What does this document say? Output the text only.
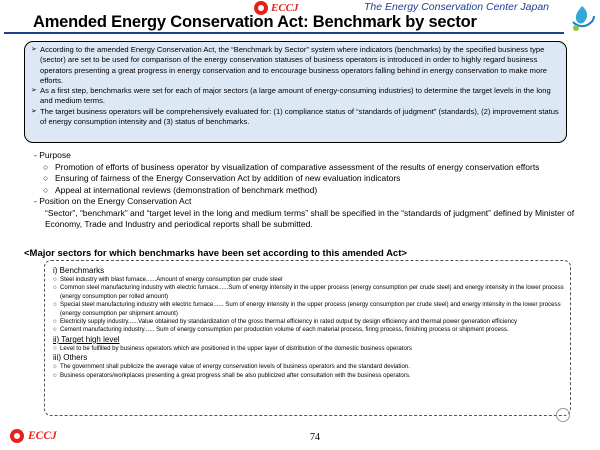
ECCJ	The Energy Conservation Center Japan
Amended Energy Conservation Act: Benchmark by sector
➢ According to the amended Energy Conservation Act, the “Benchmark by Sector” system where indicators (benchmarks) by the specified business type (sector) are set to be used for comparison of the energy conservation statuses of business operators is introduced in order to highly regard business operators presenting a great progress in energy conservation and to encourage business operators falling behind in energy conservation to make more efforts.

➢ As a first step, benchmarks were set for each of major sectors (a large amount of energy-consuming industries) to determine the target levels in the long and medium terms.

➢ The target business operators will be comprehensively evaluated for: (1) compliance status of “standards of judgment” (standards), (2) improvement status of energy consumption intensity and (3) status of benchmarks.

- Purpose
○ Promotion of efforts of business operator by visualization of comparative assessment of the results of energy conservation efforts
○ Ensuring of fairness of the Energy Conservation Act by addition of new evaluation indicators
○ Appeal at international reviews (demonstration of benchmark method)
- Position on the Energy Conservation Act
“Sector”, “benchmark” and “target level in the long and medium terms” shall be specified in the “standards of judgment” defined by Minister of Economy, Trade and Industry and periodical reports shall be submitted.
<Major sectors for which benchmarks have been set according to this amended Act>
i) Benchmarks
○ Steel industry with blast furnace......Amount of energy consumption per crude steel

○ Common steel manufacturing industry with electric furnace......Sum of energy intensity in the upper process (energy consumption per crude steel) and energy intensity in the lower process (energy consumption per rolled amount)

○ Special steel manufacturing industry with electric furnace...... Sum of energy intensity in the upper process (energy consumption per crude steel) and energy intensity in the lower process (energy consumption per shipment amount)

○ Electricity supply industry......Value obtained by standardization of the gross thermal efficiency in rated output by design efficiency and thermal power generation efficiency

○ Cement manufacturing industry...... Sum of energy consumption per production volume of each material process, firing process, finishing process or shipment process.

ii) Target high level
○ Level to be fulfilled by business operators which are positioned in the upper layer of distribution of the domestic business operators

iii) Others
○ The government shall publicize the average value of energy conservation levels of business operators and the standard deviation.

○ Business operators/workplaces presenting a great progress shall be also publicized after consultation with the business operators.

ECCJ	74
